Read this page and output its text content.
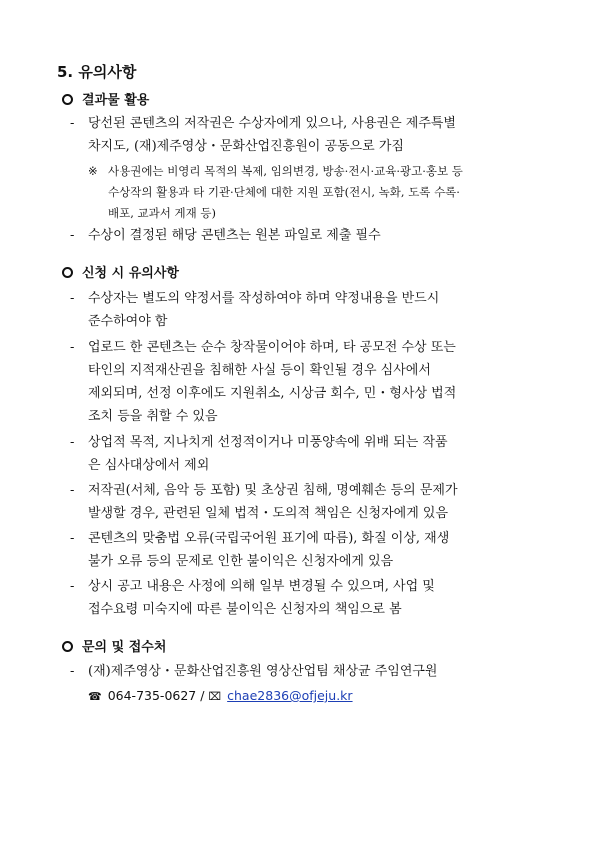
5. 유의사항
결과물 활용
- 당선된 콘텐츠의 저작권은 수상자에게 있으나, 사용권은 제주특별
차지도, (재)제주영상・문화산업진흥원이 공동으로 가짐
※ 사용권에는 비영리 목적의 복제, 임의변경, 방송·전시·교육·광고·홍보 등
수상작의 활용과 타 기관·단체에 대한 지원 포함(전시, 녹화, 도록 수록·
배포, 교과서 게재 등)
- 수상이 결정된 해당 콘텐츠는 원본 파일로 제출 필수
신청 시 유의사항
- 수상자는 별도의 약정서를 작성하여야 하며 약정내용을 반드시
준수하여야 함
- 업로드 한 콘텐츠는 순수 창작물이어야 하며, 타 공모전 수상 또는
타인의 지적재산권을 침해한 사실 등이 확인될 경우 심사에서
제외되며, 선정 이후에도 지원취소, 시상금 회수, 민・형사상 법적
조치 등을 취할 수 있음
- 상업적 목적, 지나치게 선정적이거나 미풍양속에 위배 되는 작품
은 심사대상에서 제외
- 저작권(서체, 음악 등 포함) 및 초상권 침해, 명예훼손 등의 문제가
발생할 경우, 관련된 일체 법적・도의적 책임은 신청자에게 있음
- 콘텐츠의 맞춤법 오류(국립국어원 표기에 따름), 화질 이상, 재생
불가 오류 등의 문제로 인한 불이익은 신청자에게 있음
- 상시 공고 내용은 사정에 의해 일부 변경될 수 있으며, 사업 및
접수요령 미숙지에 따른 불이익은 신청자의 책임으로 봄
문의 및 접수처
- (재)제주영상・문화산업진흥원 영상산업팀 채상균 주임연구원
☎ 064-735-0627 / ⌧ chae2836@ofjeju.kr
